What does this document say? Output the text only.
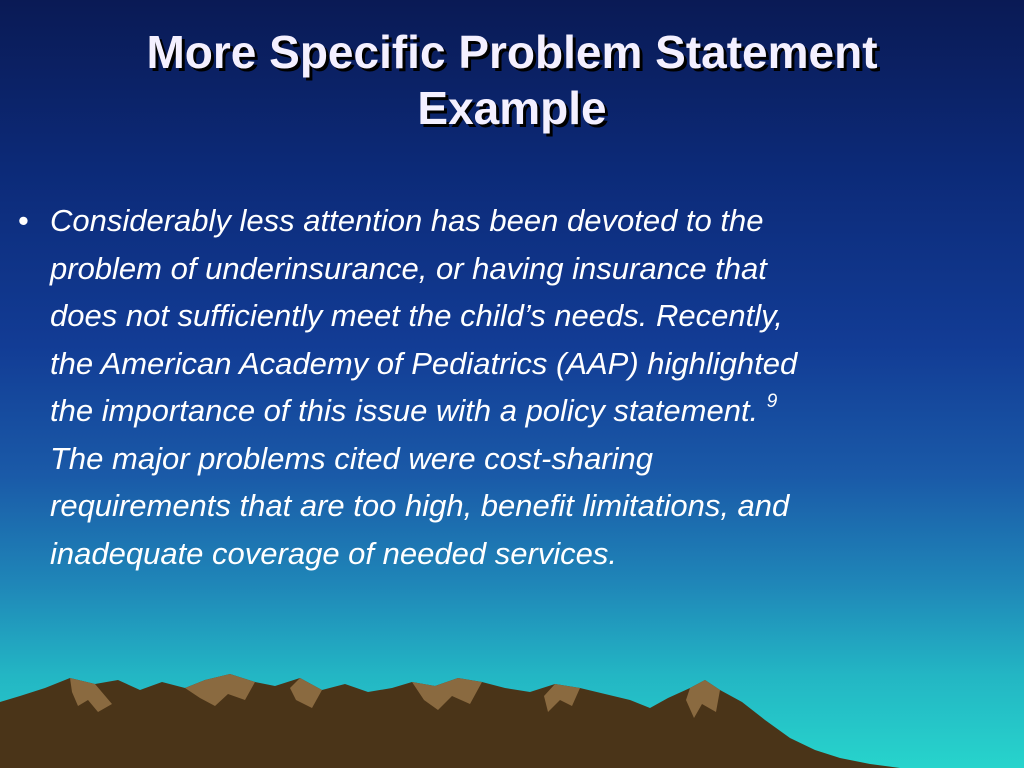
More Specific Problem Statement
Example
• Considerably less attention has been devoted to the
problem of underinsurance, or having insurance that
does not sufficiently meet the child’s needs. Recently,
the American Academy of Pediatrics (AAP) highlighted
the importance of this issue with a policy statement. $^9$
The major problems cited were cost-sharing
requirements that are too high, benefit limitations, and
inadequate coverage of needed services.
